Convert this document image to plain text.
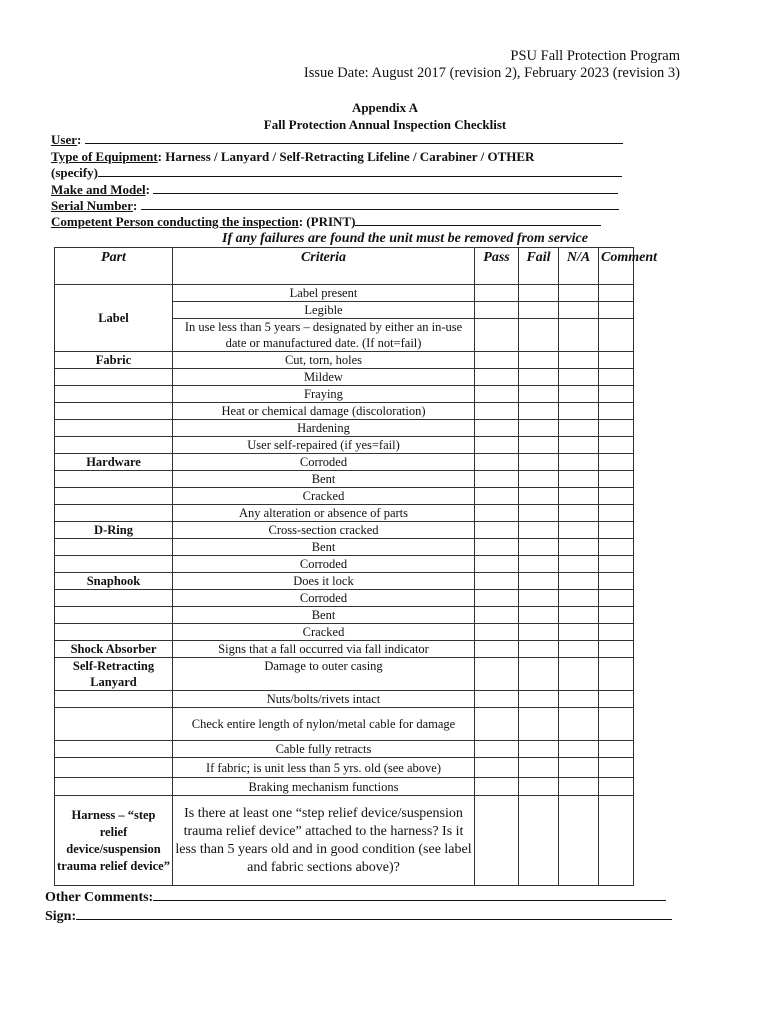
PSU Fall Protection Program
Issue Date: August 2017 (revision 2), February 2023 (revision 3)
Appendix A
Fall Protection Annual Inspection Checklist
User:
Type of Equipment: Harness / Lanyard / Self-Retracting Lifeline / Carabiner / OTHER
(specify)
Make and Model:
Serial Number:
Competent Person conducting the inspection: (PRINT)
If any failures are found the unit must be removed from service
Part	Criteria	Pass	Fail	N/A	Comment
Label	Label present				
	Legible				
	In use less than 5 years – designated by either an in-use date or manufactured date. (If not=fail)				
Fabric	Cut, torn, holes				
	Mildew				
	Fraying				
	Heat or chemical damage (discoloration)				
	Hardening				
	User self-repaired (if yes=fail)				
Hardware	Corroded				
	Bent				
	Cracked				
	Any alteration or absence of parts				
D-Ring	Cross-section cracked				
	Bent				
	Corroded				
Snaphook	Does it lock				
	Corroded				
	Bent				
	Cracked				
Shock Absorber	Signs that a fall occurred via fall indicator				
Self-Retracting Lanyard	Damage to outer casing				
	Nuts/bolts/rivets intact				
	Check entire length of nylon/metal cable for damage				
	Cable fully retracts				
	If fabric; is unit less than 5 yrs. old (see above)				
	Braking mechanism functions				
Harness – “step relief device/suspension trauma relief device”	Is there at least one “step relief device/suspension trauma relief device” attached to the harness? Is it less than 5 years old and in good condition (see label and fabric sections above)?				
Other Comments:
Sign:
